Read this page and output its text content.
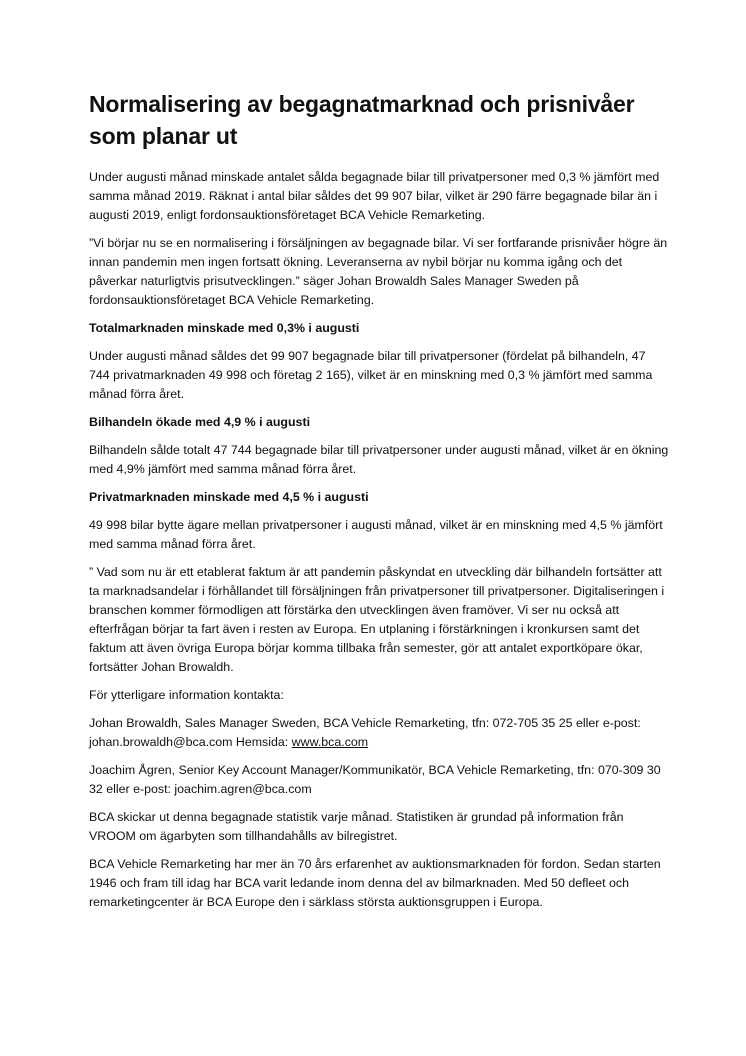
Normalisering av begagnatmarknad och prisnivåer som planar ut

Under augusti månad minskade antalet sålda begagnade bilar till privatpersoner med 0,3 % jämfört med samma månad 2019. Räknat i antal bilar såldes det 99 907 bilar, vilket är 290 färre begagnade bilar än i augusti 2019, enligt fordonsauktionsföretaget BCA Vehicle Remarketing.

”Vi börjar nu se en normalisering i försäljningen av begagnade bilar. Vi ser fortfarande prisnivåer högre än innan pandemin men ingen fortsatt ökning. Leveranserna av nybil börjar nu komma igång och det påverkar naturligtvis prisutvecklingen.” säger Johan Browaldh Sales Manager Sweden på fordonsauktionsföretaget BCA Vehicle Remarketing.

Totalmarknaden minskade med 0,3% i augusti

Under augusti månad såldes det 99 907 begagnade bilar till privatpersoner (fördelat på bilhandeln, 47 744 privatmarknaden 49 998 och företag 2 165), vilket är en minskning med 0,3 % jämfört med samma månad förra året.

Bilhandeln ökade med 4,9 % i augusti

Bilhandeln sålde totalt 47 744 begagnade bilar till privatpersoner under augusti månad, vilket är en ökning med 4,9% jämfört med samma månad förra året.

Privatmarknaden minskade med 4,5 % i augusti

49 998 bilar bytte ägare mellan privatpersoner i augusti månad, vilket är en minskning med 4,5 % jämfört med samma månad förra året.

” Vad som nu är ett etablerat faktum är att pandemin påskyndat en utveckling där bilhandeln fortsätter att ta marknadsandelar i förhållandet till försäljningen från privatpersoner till privatpersoner. Digitaliseringen i branschen kommer förmodligen att förstärka den utvecklingen även framöver. Vi ser nu också att efterfrågan börjar ta fart även i resten av Europa. En utplaning i förstärkningen i kronkursen samt det faktum att även övriga Europa börjar komma tillbaka från semester, gör att antalet exportköpare ökar, fortsätter Johan Browaldh.

För ytterligare information kontakta:

Johan Browaldh, Sales Manager Sweden, BCA Vehicle Remarketing, tfn: 072-705 35 25 eller e-post: johan.browaldh@bca.com Hemsida: www.bca.com

Joachim Ågren, Senior Key Account Manager/Kommunikatör, BCA Vehicle Remarketing, tfn: 070-309 30 32 eller e-post: joachim.agren@bca.com

BCA skickar ut denna begagnade statistik varje månad. Statistiken är grundad på information från VROOM om ägarbyten som tillhandahålls av bilregistret.

BCA Vehicle Remarketing har mer än 70 års erfarenhet av auktionsmarknaden för fordon. Sedan starten 1946 och fram till idag har BCA varit ledande inom denna del av bilmarknaden. Med 50 defleet och remarketingcenter är BCA Europe den i särklass största auktionsgruppen i Europa.
